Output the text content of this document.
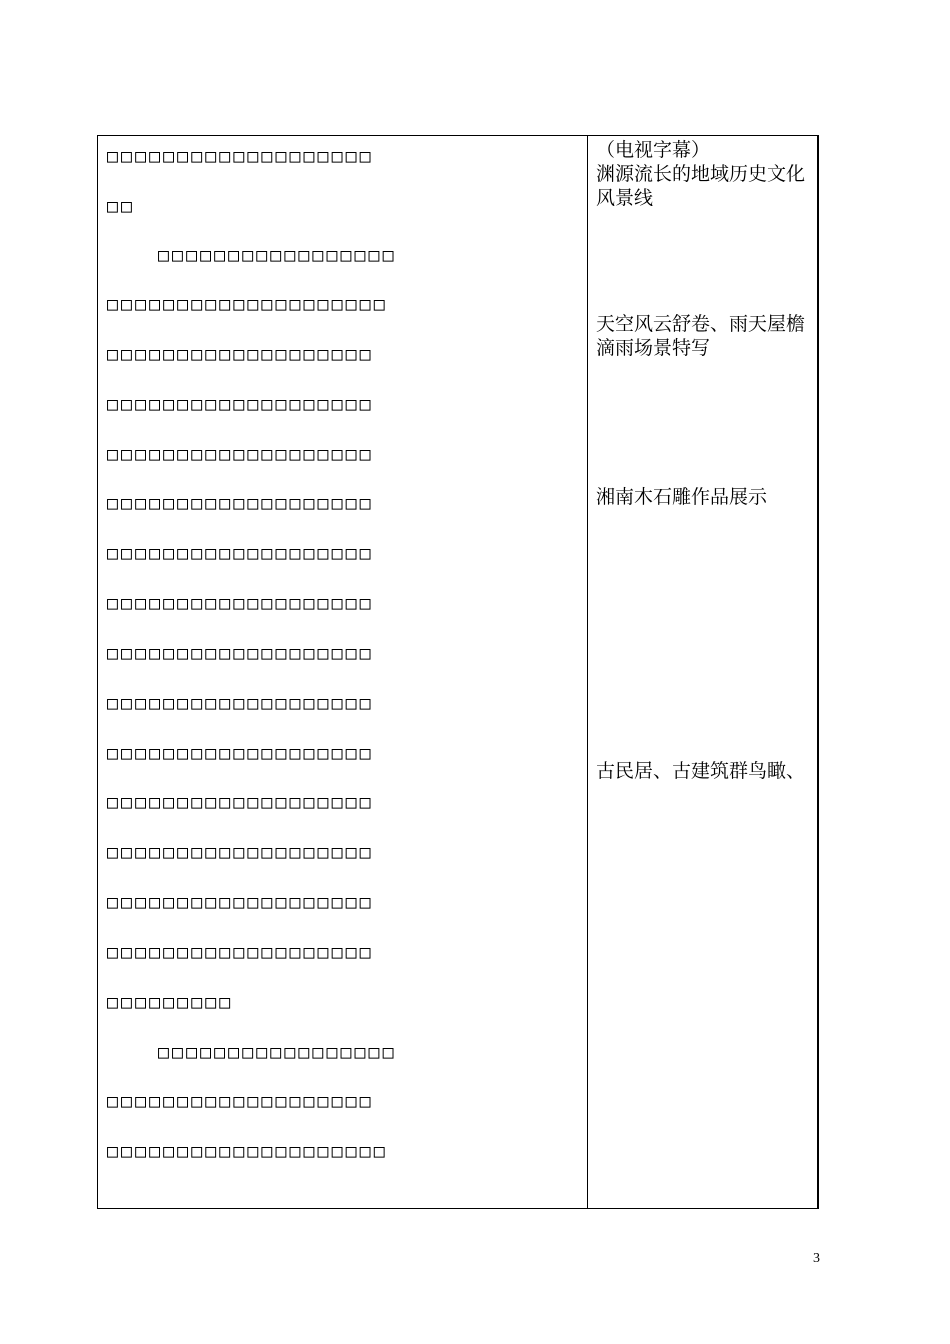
□□□□□□□□□□□□□□□□□□□
□□
□□□□□□□□□□□□□□□□□
□□□□□□□□□□□□□□□□□□□□
□□□□□□□□□□□□□□□□□□□
□□□□□□□□□□□□□□□□□□□
□□□□□□□□□□□□□□□□□□□
□□□□□□□□□□□□□□□□□□□
□□□□□□□□□□□□□□□□□□□
□□□□□□□□□□□□□□□□□□□
□□□□□□□□□□□□□□□□□□□
□□□□□□□□□□□□□□□□□□□
□□□□□□□□□□□□□□□□□□□
□□□□□□□□□□□□□□□□□□□
□□□□□□□□□□□□□□□□□□□
□□□□□□□□□□□□□□□□□□□
□□□□□□□□□□□□□□□□□□□
□□□□□□□□□
□□□□□□□□□□□□□□□□□
□□□□□□□□□□□□□□□□□□□
□□□□□□□□□□□□□□□□□□□□
（电视字幕）
渊源流长的地域历史文化
风景线
天空风云舒卷、雨天屋檐
滴雨场景特写
湘南木石雕作品展示
古民居、古建筑群鸟瞰、
3
